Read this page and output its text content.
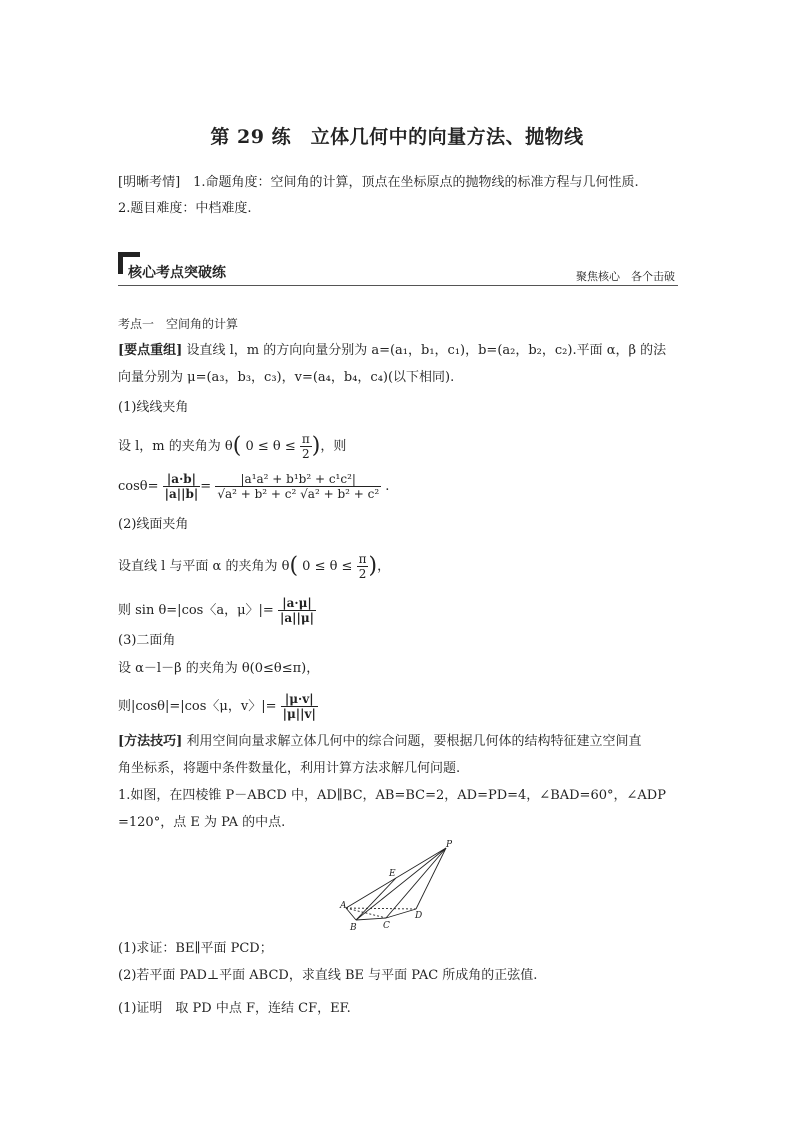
第 29 练　立体几何中的向量方法、抛物线
[明晰考情]　1.命题角度：空间角的计算，顶点在坐标原点的抛物线的标准方程与几何性质.
2.题目难度：中档难度.
核心考点突破练	聚焦核心　各个击破
考点一　空间角的计算
[要点重组] 设直线 l，m 的方向向量分别为 a=(a₁，b₁，c₁)，b=(a₂，b₂，c₂).平面 α，β 的法
向量分别为 μ=(a₃，b₃，c₃)，v=(a₄，b₄，c₄)(以下相同).
(1)线线夹角
设 l，m 的夹角为 θ( $0 \le \theta \le \frac{\pi}{2}$ )，则
$\cos\theta= \frac{|a\cdot b|}{|a||b|} = \frac{\text{|a¹a² + b¹b² + c¹c²|}}{\text{√a² + b² + c² √a² + b² + c²}}$ .
(2)线面夹角
设直线 l 与平面 α 的夹角为 θ( $0 \le \theta \le \frac{\pi}{2}$ )，
则 sin θ=|cos〈a，μ〉|= $\frac{|a\cdot\mu|}{|a||\mu|}$
(3)二面角
设 α－l－β 的夹角为 θ(0≤θ≤π)，
则|cosθ|=|cos〈μ，v〉|= $\frac{|\mu\cdot v|}{|\mu||v|}$
[方法技巧] 利用空间向量求解立体几何中的综合问题，要根据几何体的结构特征建立空间直
角坐标系，将题中条件数量化，利用计算方法求解几何问题.
1.如图，在四棱锥 P－ABCD 中，AD∥BC，AB=BC=2，AD=PD=4，∠BAD=60°，∠ADP
=120°，点 E 为 PA 的中点.
P
E
A
B	C
D
(1)求证：BE∥平面 PCD；
(2)若平面 PAD⊥平面 ABCD，求直线 BE 与平面 PAC 所成角的正弦值.
(1)证明　取 PD 中点 F，连结 CF，EF.
